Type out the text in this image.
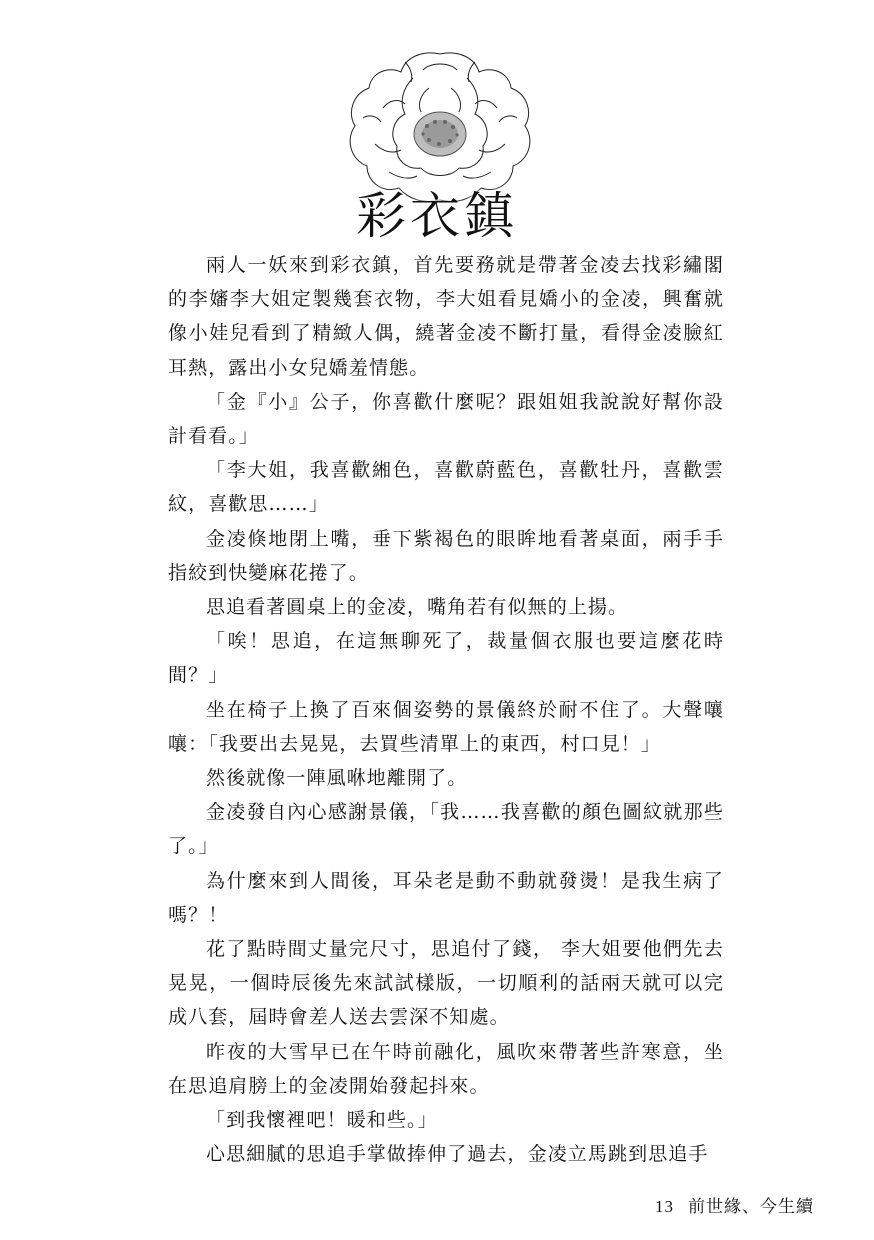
彩衣鎮

兩人一妖來到彩衣鎮，首先要務就是帶著金凌去找彩繡閣的李嬸李大姐定製幾套衣物，李大姐看見嬌小的金凌，興奮就像小娃兒看到了精緻人偶，繞著金凌不斷打量，看得金凌臉紅耳熱，露出小女兒嬌羞情態。

「金『小』公子，你喜歡什麼呢？跟姐姐我說說好幫你設計看看。」

「李大姐，我喜歡緗色，喜歡蔚藍色，喜歡牡丹，喜歡雲紋，喜歡思……」

金凌倏地閉上嘴，垂下紫褐色的眼眸地看著桌面，兩手手指絞到快變麻花捲了。

思追看著圓桌上的金凌，嘴角若有似無的上揚。

「唉！思追，在這無聊死了，裁量個衣服也要這麼花時間？」

坐在椅子上換了百來個姿勢的景儀終於耐不住了。大聲嚷嚷：「我要出去晃晃，去買些清單上的東西，村口見！」

然後就像一陣風咻地離開了。

金凌發自內心感謝景儀，「我……我喜歡的顏色圖紋就那些了。」

為什麼來到人間後，耳朵老是動不動就發燙！是我生病了嗎？！

花了點時間丈量完尺寸，思追付了錢， 李大姐要他們先去晃晃，一個時辰後先來試試樣版，一切順利的話兩天就可以完成八套，屆時會差人送去雲深不知處。

昨夜的大雪早已在午時前融化，風吹來帶著些許寒意，坐在思追肩膀上的金凌開始發起抖來。

「到我懷裡吧！暖和些。」

心思細膩的思追手掌做捧伸了過去，金凌立馬跳到思追手

13 前世緣、今生續
